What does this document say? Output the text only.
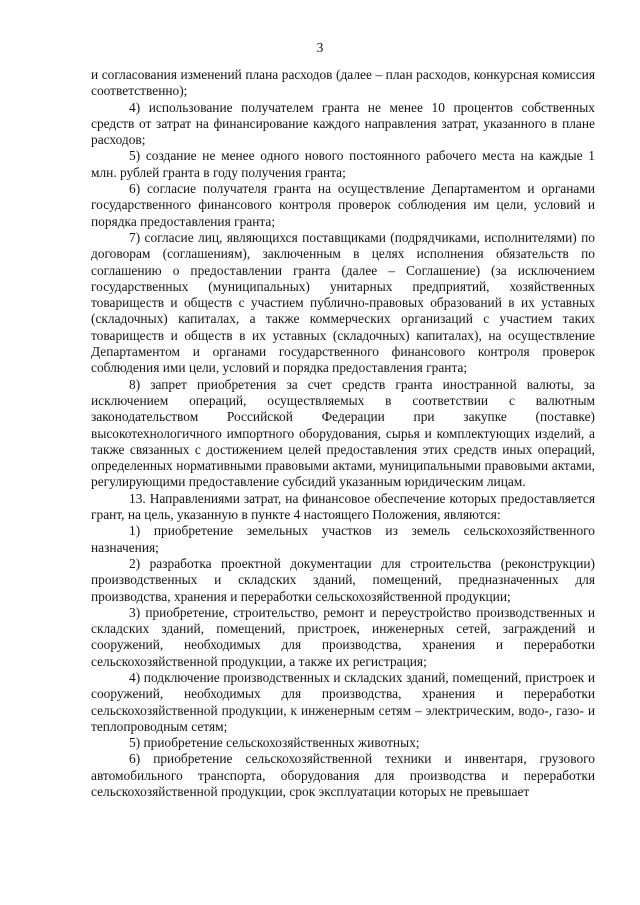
3

и согласования изменений плана расходов (далее – план расходов, конкурсная комиссия соответственно);

4) использование получателем гранта не менее 10 процентов собственных средств от затрат на финансирование каждого направления затрат, указанного в плане расходов;

5) создание не менее одного нового постоянного рабочего места на каждые 1 млн. рублей гранта в году получения гранта;

6) согласие получателя гранта на осуществление Департаментом и органами государственного финансового контроля проверок соблюдения им цели, условий и порядка предоставления гранта;

7) согласие лиц, являющихся поставщиками (подрядчиками, исполнителями) по договорам (соглашениям), заключенным в целях исполнения обязательств по соглашению о предоставлении гранта (далее – Соглашение) (за исключением государственных (муниципальных) унитарных предприятий, хозяйственных товариществ и обществ с участием публично-правовых образований в их уставных (складочных) капиталах, а также коммерческих организаций с участием таких товариществ и обществ в их уставных (складочных) капиталах), на осуществление Департаментом и органами государственного финансового контроля проверок соблюдения ими цели, условий и порядка предоставления гранта;

8) запрет приобретения за счет средств гранта иностранной валюты, за исключением операций, осуществляемых в соответствии с валютным законодательством Российской Федерации при закупке (поставке) высокотехнологичного импортного оборудования, сырья и комплектующих изделий, а также связанных с достижением целей предоставления этих средств иных операций, определенных нормативными правовыми актами, муниципальными правовыми актами, регулирующими предоставление субсидий указанным юридическим лицам.

13. Направлениями затрат, на финансовое обеспечение которых предоставляется грант, на цель, указанную в пункте 4 настоящего Положения, являются:

1) приобретение земельных участков из земель сельскохозяйственного назначения;

2) разработка проектной документации для строительства (реконструкции) производственных и складских зданий, помещений, предназначенных для производства, хранения и переработки сельскохозяйственной продукции;

3) приобретение, строительство, ремонт и переустройство производственных и складских зданий, помещений, пристроек, инженерных сетей, заграждений и сооружений, необходимых для производства, хранения и переработки сельскохозяйственной продукции, а также их регистрация;

4) подключение производственных и складских зданий, помещений, пристроек и сооружений, необходимых для производства, хранения и переработки сельскохозяйственной продукции, к инженерным сетям – электрическим, водо-, газо- и теплопроводным сетям;

5) приобретение сельскохозяйственных животных;

6) приобретение сельскохозяйственной техники и инвентаря, грузового автомобильного транспорта, оборудования для производства и переработки сельскохозяйственной продукции, срок эксплуатации которых не превышает
